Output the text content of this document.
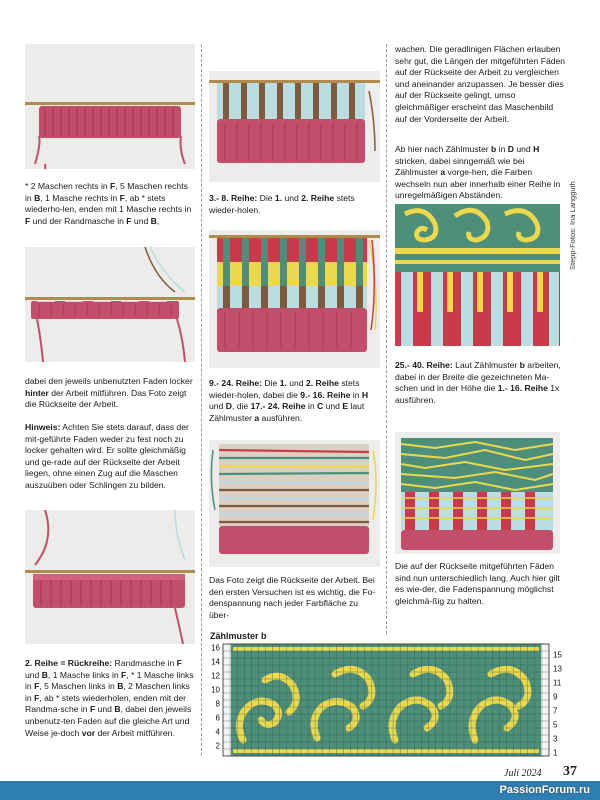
* 2 Maschen rechts in F, 5 Maschen rechts in B, 1 Masche rechts in F, ab * stets wiederho-len, enden mit 1 Masche rechts in F und der Randmasche in F und B,
dabei den jeweils unbenutzten Faden locker hinter der Arbeit mitführen. Das Foto zeigt die Rückseite der Arbeit.
Hinweis: Achten Sie stets darauf, dass der mit-geführte Faden weder zu fest noch zu locker gehalten wird. Er sollte gleichmäßig und ge-rade auf der Rückseite der Arbeit liegen, ohne einen Zug auf die Maschen auszuüben oder Schlingen zu bilden.
2. Reihe = Rückreihe: Randmasche in F und B, 1 Masche links in F, * 1 Masche links in F, 5 Maschen links in B, 2 Maschen links in F, ab * stets wiederholen, enden mit der Randma-sche in F und B, dabei den jeweils unbenutz-ten Faden auf die gleiche Art und Weise je-doch vor der Arbeit mitführen.
3.- 8. Reihe: Die 1. und 2. Reihe stets wieder-holen.
9.- 24. Reihe: Die 1. und 2. Reihe stets wieder-holen, dabei die 9.- 16. Reihe in H und D, die 17.- 24. Reihe in C und E laut Zählmuster a ausführen.
Das Foto zeigt die Rückseite der Arbeit. Bei den ersten Versuchen ist es wichtig, die Fo-denspannung nach jeder Farbfläche zu über-
wachen. Die geradlinigen Flächen erlauben sehr gut, die Längen der mitgeführten Fäden auf der Rückseite der Arbeit zu vergleichen und aneinander anzupassen. Je besser dies auf der Rückseite gelingt, umso gleichmäßiger erscheint das Maschenbild auf der Vorderseite der Arbeit.
Ab hier nach Zählmuster b in D und H stricken, dabei sinngemäß wie bei Zählmuster a vorge-hen, die Farben wechseln nun aber innerhalb einer Reihe in unregelmäßigen Abständen.	Stepp-Fotos: Ina Langguth
25.- 40. Reihe: Laut Zählmuster b arbeiten, dabei in der Breite die gezeichneten Ma-schen und in der Höhe die 1.- 16. Reihe 1x ausführen.
Die auf der Rückseite mitgeführten Fäden sind nun unterschiedlich lang. Auch hier gilt es wie-der, die Fadenspannung möglichst gleichmä-ßig zu halten.
Zählmuster b
16
14
12
10
8
6
4
2
15
13
11
9
7
5
3
1
Juli 2024 37
PassionForum.ru
